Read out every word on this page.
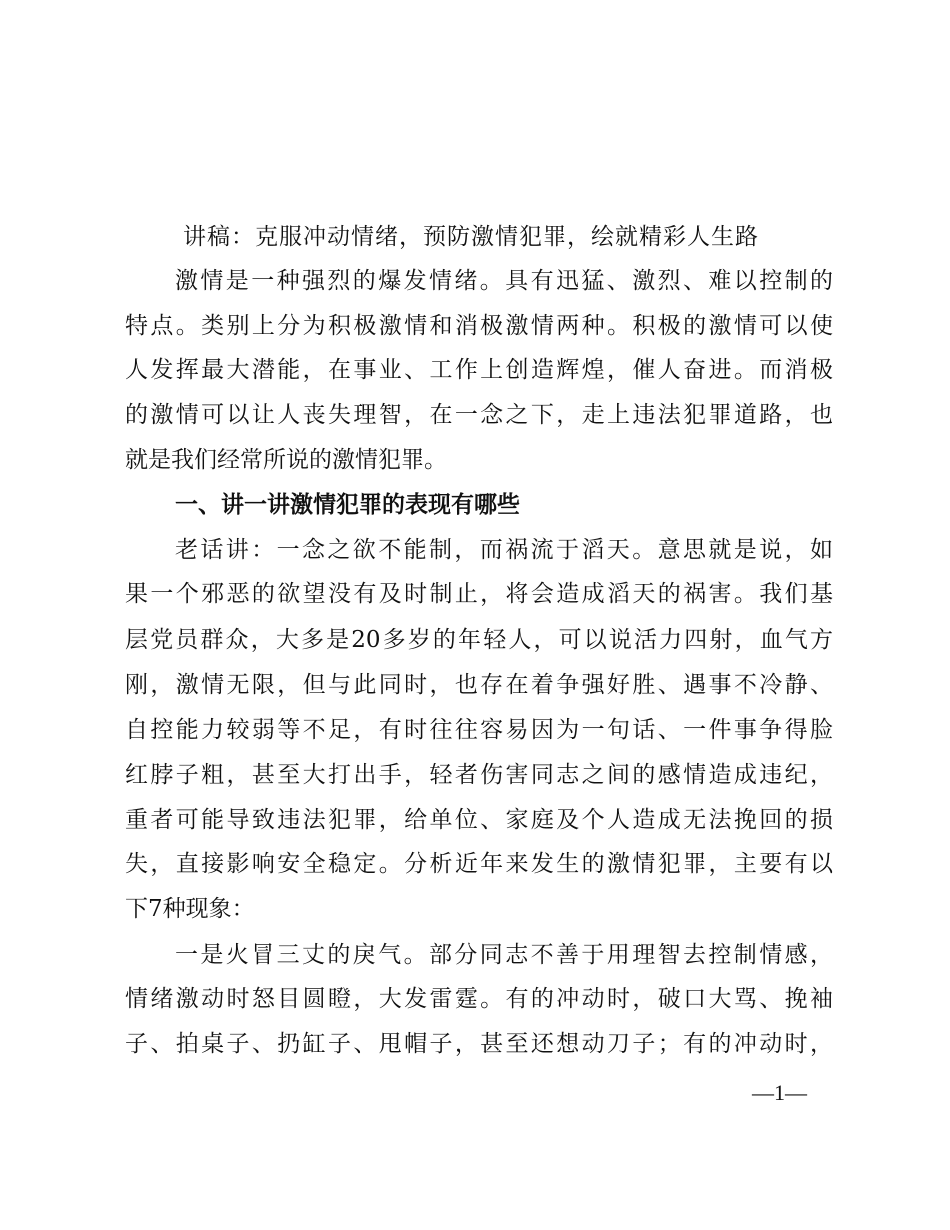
讲稿：克服冲动情绪，预防激情犯罪，绘就精彩人生路
激情是一种强烈的爆发情绪。具有迅猛、激烈、难以控制的
特点。类别上分为积极激情和消极激情两种。积极的激情可以使
人发挥最大潜能，在事业、工作上创造辉煌，催人奋进。而消极
的激情可以让人丧失理智，在一念之下，走上违法犯罪道路，也
就是我们经常所说的激情犯罪。
一、讲一讲激情犯罪的表现有哪些
老话讲：一念之欲不能制，而祸流于滔天。意思就是说，如
果一个邪恶的欲望没有及时制止，将会造成滔天的祸害。我们基
层党员群众，大多是20多岁的年轻人，可以说活力四射，血气方
刚，激情无限，但与此同时，也存在着争强好胜、遇事不冷静、
自控能力较弱等不足，有时往往容易因为一句话、一件事争得脸
红脖子粗，甚至大打出手，轻者伤害同志之间的感情造成违纪，
重者可能导致违法犯罪，给单位、家庭及个人造成无法挽回的损
失，直接影响安全稳定。分析近年来发生的激情犯罪，主要有以
下7种现象：
一是火冒三丈的戾气。部分同志不善于用理智去控制情感，
情绪激动时怒目圆瞪，大发雷霆。有的冲动时，破口大骂、挽袖
子、拍桌子、扔缸子、甩帽子，甚至还想动刀子；有的冲动时，
—1—
